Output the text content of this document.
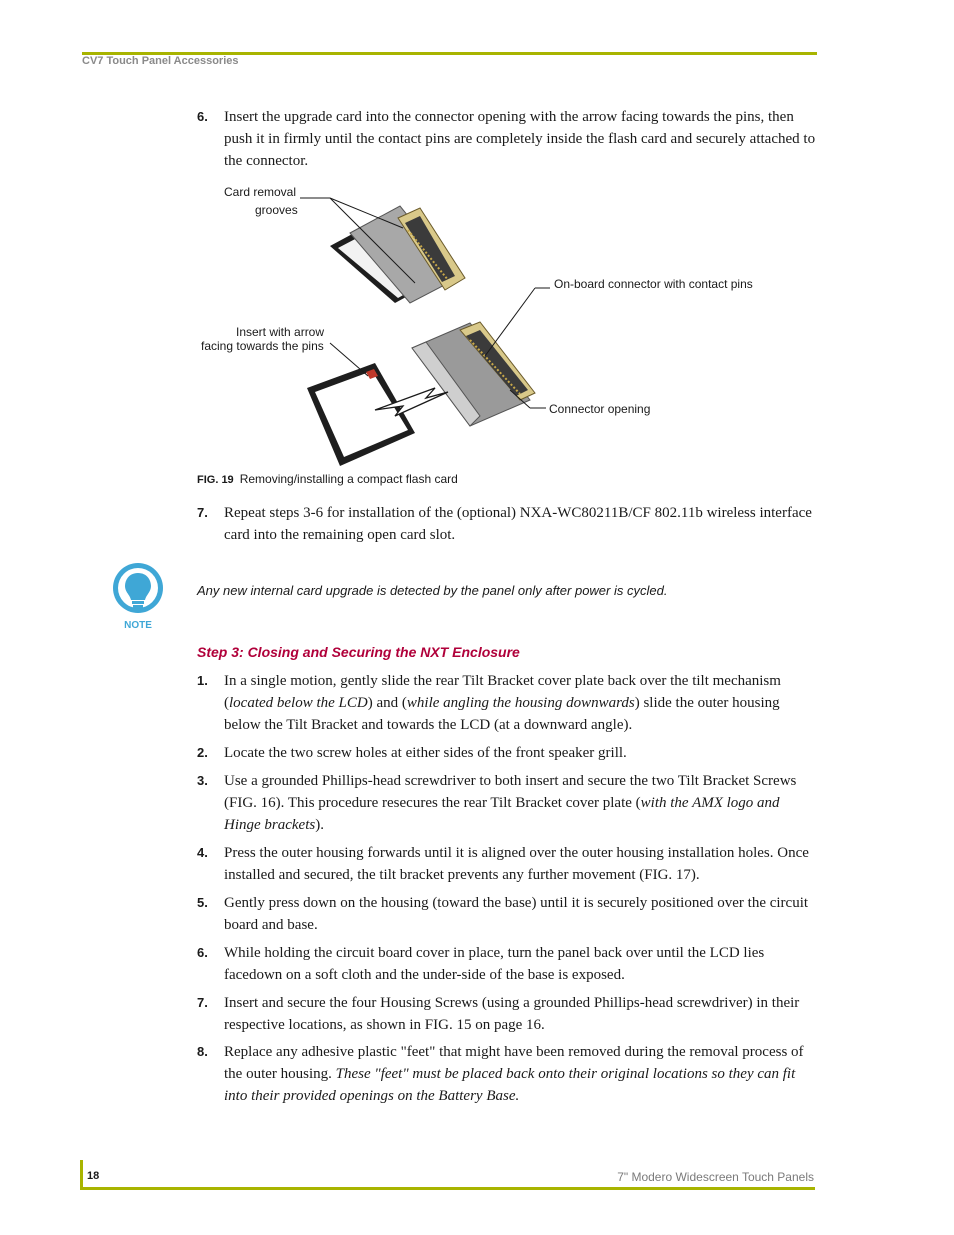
CV7 Touch Panel Accessories
6. Insert the upgrade card into the connector opening with the arrow facing towards the pins, then push it in firmly until the contact pins are completely inside the flash card and securely attached to the connector.
Card removal
grooves
On-board connector with contact pins
Insert with arrow
facing towards the pins
Connector opening
FIG. 19 Removing/installing a compact flash card
7. Repeat steps 3-6 for installation of the (optional) NXA-WC80211B/CF 802.11b wireless interface card into the remaining open card slot.
NOTE
Any new internal card upgrade is detected by the panel only after power is cycled.
Step 3: Closing and Securing the NXT Enclosure
1. In a single motion, gently slide the rear Tilt Bracket cover plate back over the tilt mechanism (located below the LCD) and (while angling the housing downwards) slide the outer housing below the Tilt Bracket and towards the LCD (at a downward angle).
2. Locate the two screw holes at either sides of the front speaker grill.
3. Use a grounded Phillips-head screwdriver to both insert and secure the two Tilt Bracket Screws (FIG. 16). This procedure resecures the rear Tilt Bracket cover plate (with the AMX logo and Hinge brackets).
4. Press the outer housing forwards until it is aligned over the outer housing installation holes. Once installed and secured, the tilt bracket prevents any further movement (FIG. 17).
5. Gently press down on the housing (toward the base) until it is securely positioned over the circuit board and base.
6. While holding the circuit board cover in place, turn the panel back over until the LCD lies facedown on a soft cloth and the under-side of the base is exposed.
7. Insert and secure the four Housing Screws (using a grounded Phillips-head screwdriver) in their respective locations, as shown in FIG. 15 on page 16.
8. Replace any adhesive plastic "feet" that might have been removed during the removal process of the outer housing. These "feet" must be placed back onto their original locations so they can fit into their provided openings on the Battery Base.
18	7" Modero Widescreen Touch Panels
